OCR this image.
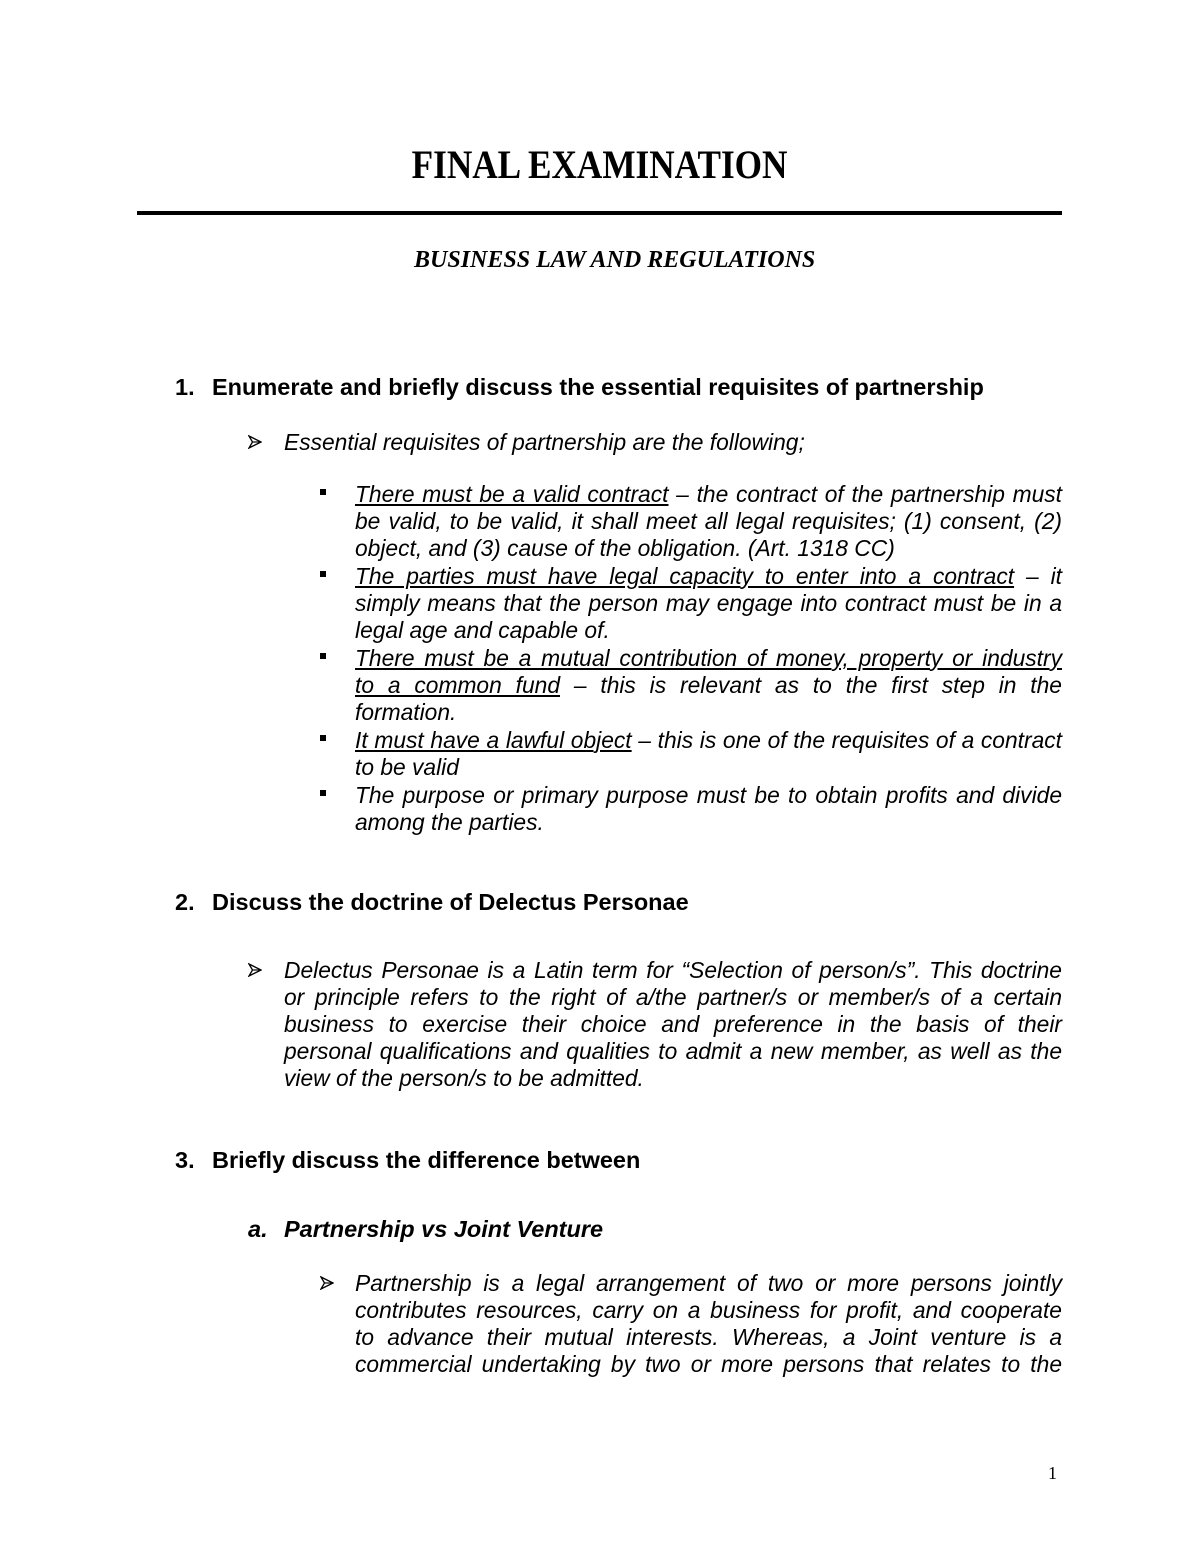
FINAL EXAMINATION
BUSINESS LAW AND REGULATIONS
1. Enumerate and briefly discuss the essential requisites of partnership
Essential requisites of partnership are the following;
There must be a valid contract – the contract of the partnership must
be valid, to be valid, it shall meet all legal requisites; (1) consent, (2)
object, and (3) cause of the obligation. (Art. 1318 CC)
The parties must have legal capacity to enter into a contract – it
simply means that the person may engage into contract must be in a
legal age and capable of.
There must be a mutual contribution of money, property or industry
to a common fund – this is relevant as to the first step in the
formation.
It must have a lawful object – this is one of the requisites of a contract
to be valid
The purpose or primary purpose must be to obtain profits and divide
among the parties.
2. Discuss the doctrine of Delectus Personae
Delectus Personae is a Latin term for “Selection of person/s”. This doctrine
or principle refers to the right of a/the partner/s or member/s of a certain
business to exercise their choice and preference in the basis of their
personal qualifications and qualities to admit a new member, as well as the
view of the person/s to be admitted.
3. Briefly discuss the difference between
a. Partnership vs Joint Venture
Partnership is a legal arrangement of two or more persons jointly
contributes resources, carry on a business for profit, and cooperate
to advance their mutual interests. Whereas, a Joint venture is a
commercial undertaking by two or more persons that relates to the
1
